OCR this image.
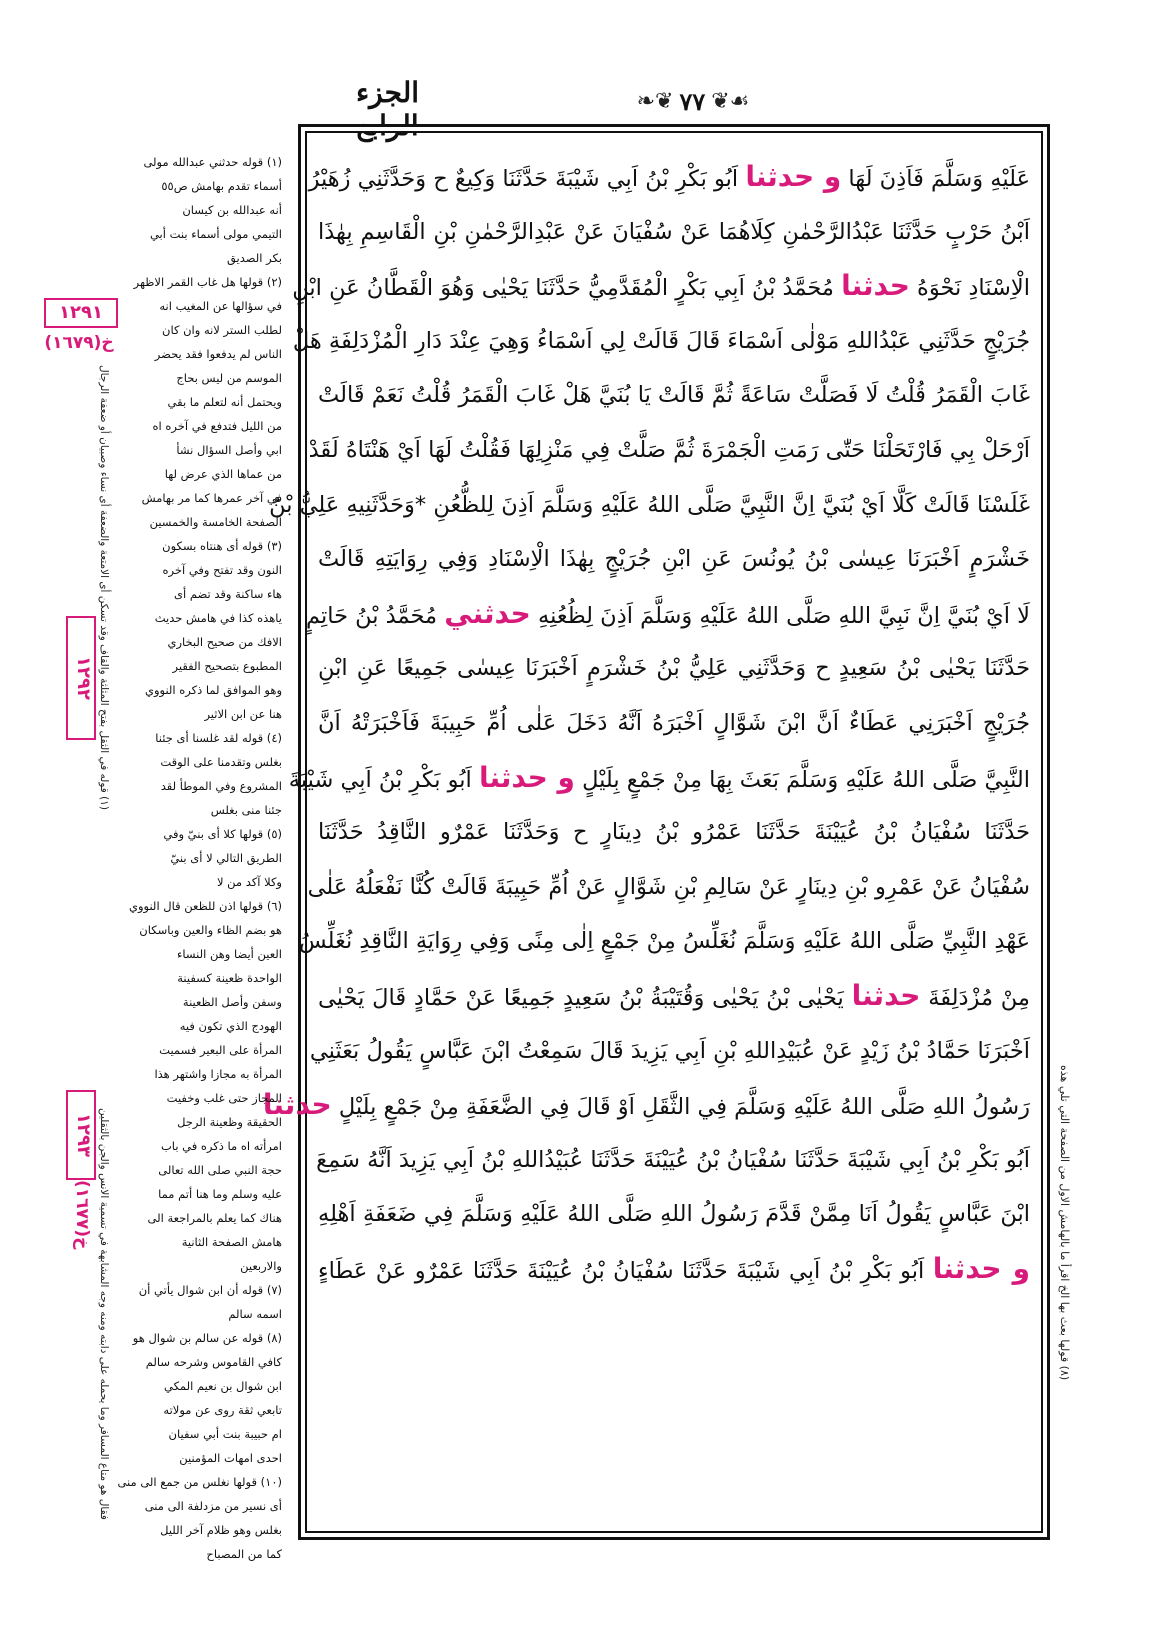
الجزء الرابع
❧❦ ٧٧ ❦☙
عَلَيْهِ وَسَلَّمَ فَاَذِنَ لَهَا و حدثنا اَبُو بَكْرِ بْنُ اَبِي شَيْبَةَ حَدَّثَنَا وَكِيعٌ ح وَحَدَّثَنِي زُهَيْرُ
اَبْنُ حَرْبٍ حَدَّثَنَا عَبْدُالرَّحْمٰنِ كِلَاهُمَا عَنْ سُفْيَانَ عَنْ عَبْدِالرَّحْمٰنِ بْنِ الْقَاسِمِ بِهٰذَا
الْاِسْنَادِ نَحْوَهُ حدثنا مُحَمَّدُ بْنُ اَبِي بَكْرٍ الْمُقَدَّمِيُّ حَدَّثَنَا يَحْيٰى وَهُوَ الْقَطَّانُ عَنِ ابْنِ
جُرَيْجٍ حَدَّثَنِي عَبْدُاللهِ مَوْلٰى اَسْمَاءَ قَالَ قَالَتْ لِي اَسْمَاءُ وَهِيَ عِنْدَ دَارِ الْمُزْدَلِفَةِ هَلْ
غَابَ الْقَمَرُ قُلْتُ لَا فَصَلَّتْ سَاعَةً ثُمَّ قَالَتْ يَا بُنَيَّ هَلْ غَابَ الْقَمَرُ قُلْتُ نَعَمْ قَالَتْ
اَرْحَلْ بِي فَارْتَحَلْنَا حَتّٰى رَمَتِ الْجَمْرَةَ ثُمَّ صَلَّتْ فِي مَنْزِلِهَا فَقُلْتُ لَهَا اَيْ هَنْتَاهُ لَقَدْ
غَلَسْنَا قَالَتْ كَلَّا اَيْ بُنَيَّ اِنَّ النَّبِيَّ صَلَّى اللهُ عَلَيْهِ وَسَلَّمَ اَذِنَ لِلظُّعُنِ *وَحَدَّثَنِيهِ عَلِيُّ بْنُ
خَشْرَمٍ اَخْبَرَنَا عِيسٰى بْنُ يُونُسَ عَنِ ابْنِ جُرَيْجٍ بِهٰذَا الْاِسْنَادِ وَفِي رِوَايَتِهِ قَالَتْ
لَا اَيْ بُنَيَّ اِنَّ نَبِيَّ اللهِ صَلَّى اللهُ عَلَيْهِ وَسَلَّمَ اَذِنَ لِظُعُنِهِ حدثني مُحَمَّدُ بْنُ حَاتِمٍ
حَدَّثَنَا يَحْيٰى بْنُ سَعِيدٍ ح وَحَدَّثَنِي عَلِيُّ بْنُ خَشْرَمٍ اَخْبَرَنَا عِيسٰى جَمِيعًا عَنِ ابْنِ
جُرَيْجٍ اَخْبَرَنِي عَطَاءٌ اَنَّ ابْنَ شَوَّالٍ اَخْبَرَهُ اَنَّهُ دَخَلَ عَلٰى اُمِّ حَبِيبَةَ فَاَخْبَرَتْهُ اَنَّ
النَّبِيَّ صَلَّى اللهُ عَلَيْهِ وَسَلَّمَ بَعَثَ بِهَا مِنْ جَمْعٍ بِلَيْلٍ و حدثنا اَبُو بَكْرِ بْنُ اَبِي شَيْبَةَ
حَدَّثَنَا سُفْيَانُ بْنُ عُيَيْنَةَ حَدَّثَنَا عَمْرُو بْنُ دِينَارٍ ح وَحَدَّثَنَا عَمْرٌو النَّاقِدُ حَدَّثَنَا
سُفْيَانُ عَنْ عَمْرِو بْنِ دِينَارٍ عَنْ سَالِمِ بْنِ شَوَّالٍ عَنْ اُمِّ حَبِيبَةَ قَالَتْ كُنَّا نَفْعَلُهُ عَلٰى
عَهْدِ النَّبِيِّ صَلَّى اللهُ عَلَيْهِ وَسَلَّمَ نُغَلِّسُ مِنْ جَمْعٍ اِلٰى مِنًى وَفِي رِوَايَةِ النَّاقِدِ نُغَلِّسُ
مِنْ مُزْدَلِفَةَ حدثنا يَحْيٰى بْنُ يَحْيٰى وَقُتَيْبَةُ بْنُ سَعِيدٍ جَمِيعًا عَنْ حَمَّادٍ قَالَ يَحْيٰى
اَخْبَرَنَا حَمَّادُ بْنُ زَيْدٍ عَنْ عُبَيْدِاللهِ بْنِ اَبِي يَزِيدَ قَالَ سَمِعْتُ ابْنَ عَبَّاسٍ يَقُولُ بَعَثَنِي
رَسُولُ اللهِ صَلَّى اللهُ عَلَيْهِ وَسَلَّمَ فِي الثَّقَلِ اَوْ قَالَ فِي الضَّعَفَةِ مِنْ جَمْعٍ بِلَيْلٍ حدثنا
اَبُو بَكْرِ بْنُ اَبِي شَيْبَةَ حَدَّثَنَا سُفْيَانُ بْنُ عُيَيْنَةَ حَدَّثَنَا عُبَيْدُاللهِ بْنُ اَبِي يَزِيدَ اَنَّهُ سَمِعَ
ابْنَ عَبَّاسٍ يَقُولُ اَنَا مِمَّنْ قَدَّمَ رَسُولُ اللهِ صَلَّى اللهُ عَلَيْهِ وَسَلَّمَ فِي ضَعَفَةِ اَهْلِهِ
و حدثنا اَبُو بَكْرِ بْنُ اَبِي شَيْبَةَ حَدَّثَنَا سُفْيَانُ بْنُ عُيَيْنَةَ حَدَّثَنَا عَمْرٌو عَنْ عَطَاءٍ
(١) قوله حدثني عبدالله مولى
أسماء تقدم بهامش ص٥٥
أنه عبدالله بن كيسان
التيمي مولى أسماء بنت أبي
بكر الصديق
(٢) قولها هل غاب القمر الاظهر
في سؤالها عن المغيب انه
لطلب الستر لانه وان كان
الناس لم يدفعوا فقد يحضر
الموسم من ليس بحاج
ويحتمل أنه لتعلم ما بقي
من الليل فتدفع في آخره اه
ابي وأصل السؤال نشأ
من عماها الذي عرض لها
في آخر عمرها كما مر بهامش
الصفحة الخامسة والخمسين
(٣) قوله أى هنتاه بسكون
النون وقد تفتح وفي آخره
هاء ساكنة وقد تضم أى
ياهذه كذا في هامش حديث
الافك من صحيح البخاري
المطبوع بتصحيح الفقير
وهو الموافق لما ذكره النووي
هنا عن ابن الاثير
(٤) قوله لقد غلسنا أى جئنا
بغلس وتقدمنا على الوقت
المشروع وفي الموطأ لقد
جئنا منى بغلس
(٥) قولها كلا أى بنيّ وفي
الطريق التالي لا أى بنيّ
وكلا آكد من لا
(٦) قولها اذن للظعن قال النووي
هو بضم الظاء والعين وباسكان
العين أيضا وهن النساء
الواحدة ظعينة كسفينة
وسفن وأصل الظعينة
الهودج الذي تكون فيه
المرأة على البعير فسميت
المرأة به مجازا واشتهر هذا
المجاز حتى غلب وخفيت
الحقيقة وظعينة الرجل
امرأته اه ما ذكره في باب
حجة النبي صلى الله تعالى
عليه وسلم وما هنا أتم مما
هناك كما يعلم بالمراجعة الى
هامش الصفحة الثانية
والاربعين
(٧) قوله أن ابن شوال يأتي أن
اسمه سالم
(٨) قوله عن سالم بن شوال هو
كافي القاموس وشرحه سالم
ابن شوال بن نعيم المكي
تابعي ثقة روى عن مولاته
ام حبيبة بنت أبي سفيان
احدى امهات المؤمنين
(١٠) قولها نغلس من جمع الى منى
أى نسير من مزدلفة الى منى
بغلس وهو ظلام آخر الليل
كما من المصباح
١٢٩١
خ(١٦٧٩)
١٢٩٢
١٢٩٣
خ(١٦٧٧)	(٨) قولها بعث بها الخ اقرأ ما بالهامش الاول من الصفحة التي تلي هذه
(١) قوله في الثقل بفتح المثلثة والقاف وقد تسكن أى الامتعة والضعفة أى نساء وصبيان أو ضعفة الرجال
فقال هو متاع المسافر وما يحمله على دابته ومنه وجه المشابهة في تسمية الانس والجن بالثقلين
